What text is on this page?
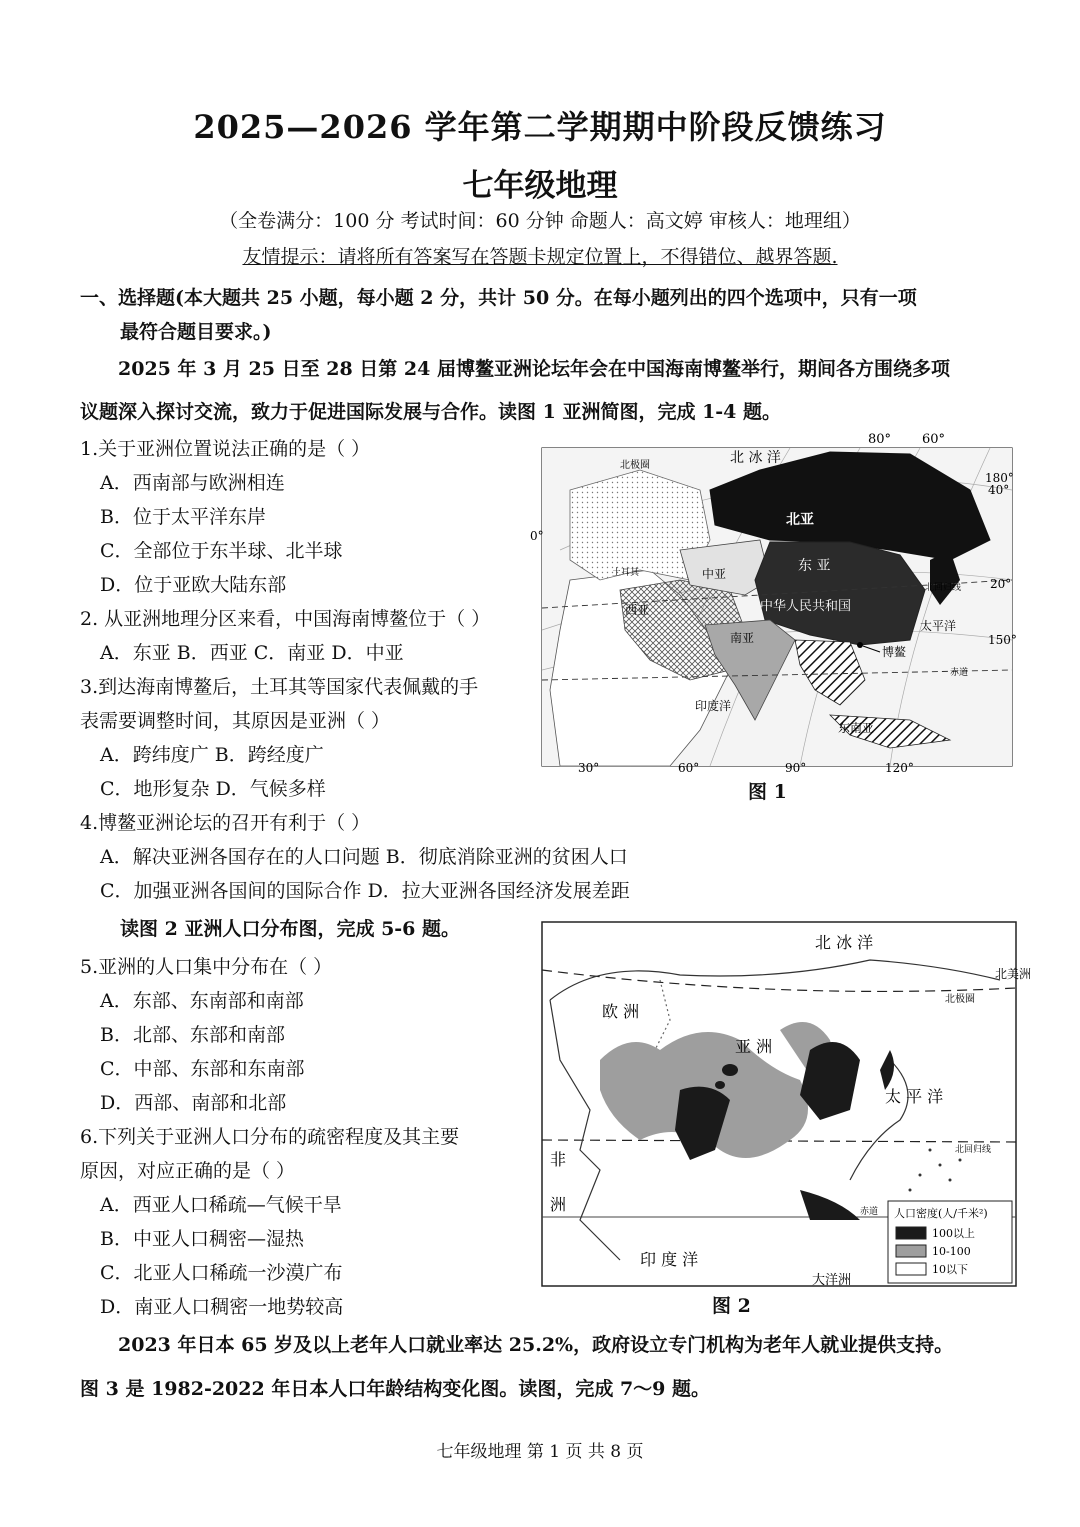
2025—2026 学年第二学期期中阶段反馈练习
七年级地理
（全卷满分：100 分 考试时间：60 分钟 命题人：高文婷 审核人：地理组）
友情提示：请将所有答案写在答题卡规定位置上，不得错位、越界答题.
一、选择题(本大题共 25 小题，每小题 2 分，共计 50 分。在每小题列出的四个选项中，只有一项
最符合题目要求。)
2025 年 3 月 25 日至 28 日第 24 届博鳌亚洲论坛年会在中国海南博鳌举行，期间各方围绕多项
议题深入探讨交流，致力于促进国际发展与合作。读图 1 亚洲简图，完成 1-4 题。
1.关于亚洲位置说法正确的是（ ）
A．西南部与欧洲相连
B．位于太平洋东岸
C．全部位于东半球、北半球
D．位于亚欧大陆东部
2. 从亚洲地理分区来看，中国海南博鳌位于（ ）
A．东亚 B．西亚 C．南亚 D．中亚
3.到达海南博鳌后，土耳其等国家代表佩戴的手
表需要调整时间，其原因是亚洲（ ）
A．跨纬度广 B．跨经度广
C．地形复杂 D．气候多样
4.博鳌亚洲论坛的召开有利于（ ）
A．解决亚洲各国存在的人口问题 B．彻底消除亚洲的贫困人口
C．加强亚洲各国间的国际合作 D．拉大亚洲各国经济发展差距
读图 2 亚洲人口分布图，完成 5-6 题。
5.亚洲的人口集中分布在（ ）
A．东部、东南部和南部
B．北部、东部和南部
C．中部、东部和东南部
D．西部、南部和北部
6.下列关于亚洲人口分布的疏密程度及其主要
原因，对应正确的是（ ）
A．西亚人口稀疏—气候干旱
B．中亚人口稠密—湿热
C．北亚人口稀疏一沙漠广布
D．南亚人口稠密一地势较高
2023 年日本 65 岁及以上老年人口就业率达 25.2%，政府设立专门机构为老年人就业提供支持。
图 3 是 1982-2022 年日本人口年龄结构变化图。读图，完成 7～9 题。
七年级地理 第 1 页 共 8 页
80° 60°
180°
40°
20°
150°
0°
30°	60°	90°	120°
北 冰 洋
北极圈
北亚
东 亚
中华人民共和国
中亚
西亚
南亚
印度洋
太平洋
博鳌
东南亚
北回归线
赤道
土耳其
图 1
北 冰 洋
北美洲
北极圈
欧 洲
亚 洲
太 平 洋
北回归线
非
洲
印 度 洋
大洋洲
赤道 人口密度(人/千米²)
100以上
10-100
10以下
图 2
